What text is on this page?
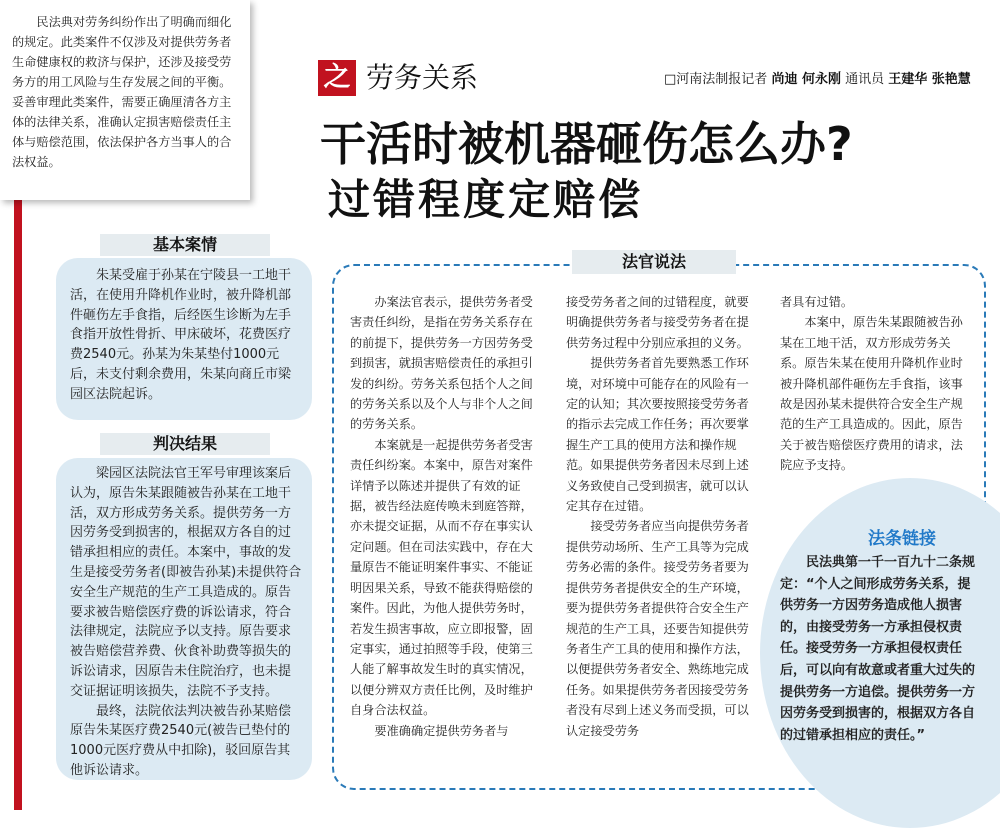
民法典对劳务纠纷作出了明确而细化的规定。此类案件不仅涉及对提供劳务者生命健康权的救济与保护，还涉及接受劳务方的用工风险与生存发展之间的平衡。妥善审理此类案件，需要正确厘清各方主体的法律关系，准确认定损害赔偿责任主体与赔偿范围，依法保护各方当事人的合法权益。
之 劳务关系	□河南法制报记者 尚迪 何永刚 通讯员 王建华 张艳慧
干活时被机器砸伤怎么办?
过错程度定赔偿
基本案情
朱某受雇于孙某在宁陵县一工地干活，在使用升降机作业时，被升降机部件砸伤左手食指，后经医生诊断为左手食指开放性骨折、甲床破坏，花费医疗费2540元。孙某为朱某垫付1000元后，未支付剩余费用，朱某向商丘市梁园区法院起诉。
判决结果

梁园区法院法官王军号审理该案后认为，原告朱某跟随被告孙某在工地干活，双方形成劳务关系。提供劳务一方因劳务受到损害的，根据双方各自的过错承担相应的责任。本案中，事故的发生是接受劳务者(即被告孙某)未提供符合安全生产规范的生产工具造成的。原告要求被告赔偿医疗费的诉讼请求，符合法律规定，法院应予以支持。原告要求被告赔偿营养费、伙食补助费等损失的诉讼请求，因原告未住院治疗，也未提交证据证明该损失，法院不予支持。

最终，法院依法判决被告孙某赔偿原告朱某医疗费2540元(被告已垫付的1000元医疗费从中扣除)，驳回原告其他诉讼请求。

法官说法

办案法官表示，提供劳务者受害责任纠纷，是指在劳务关系存在的前提下，提供劳务一方因劳务受到损害，就损害赔偿责任的承担引发的纠纷。劳务关系包括个人之间的劳务关系以及个人与非个人之间的劳务关系。

本案就是一起提供劳务者受害责任纠纷案。本案中，原告对案件详情予以陈述并提供了有效的证据，被告经法庭传唤未到庭答辩，亦未提交证据，从而不存在事实认定问题。但在司法实践中，存在大量原告不能证明案件事实、不能证明因果关系，导致不能获得赔偿的案件。因此，为他人提供劳务时，若发生损害事故，应立即报警，固定事实，通过拍照等手段，使第三人能了解事故发生时的真实情况，以便分辨双方责任比例，及时维护自身合法权益。

要准确确定提供劳务者与

接受劳务者之间的过错程度，就要明确提供劳务者与接受劳务者在提供劳务过程中分别应承担的义务。

提供劳务者首先要熟悉工作环境，对环境中可能存在的风险有一定的认知；其次要按照接受劳务者的指示去完成工作任务；再次要掌握生产工具的使用方法和操作规范。如果提供劳务者因未尽到上述义务致使自己受到损害，就可以认定其存在过错。

接受劳务者应当向提供劳务者提供劳动场所、生产工具等为完成劳务必需的条件。接受劳务者要为提供劳务者提供安全的生产环境，要为提供劳务者提供符合安全生产规范的生产工具，还要告知提供劳务者生产工具的使用和操作方法，以便提供劳务者安全、熟练地完成任务。如果提供劳务者因接受劳务者没有尽到上述义务而受损，可以认定接受劳务

者具有过错。

本案中，原告朱某跟随被告孙某在工地干活，双方形成劳务关系。原告朱某在使用升降机作业时被升降机部件砸伤左手食指，该事故是因孙某未提供符合安全生产规范的生产工具造成的。因此，原告关于被告赔偿医疗费用的请求，法院应予支持。

法条链接
民法典第一千一百九十二条规定：“个人之间形成劳务关系，提供劳务一方因劳务造成他人损害的，由接受劳务一方承担侵权责任。接受劳务一方承担侵权责任后，可以向有故意或者重大过失的提供劳务一方追偿。提供劳务一方因劳务受到损害的，根据双方各自的过错承担相应的责任。”
